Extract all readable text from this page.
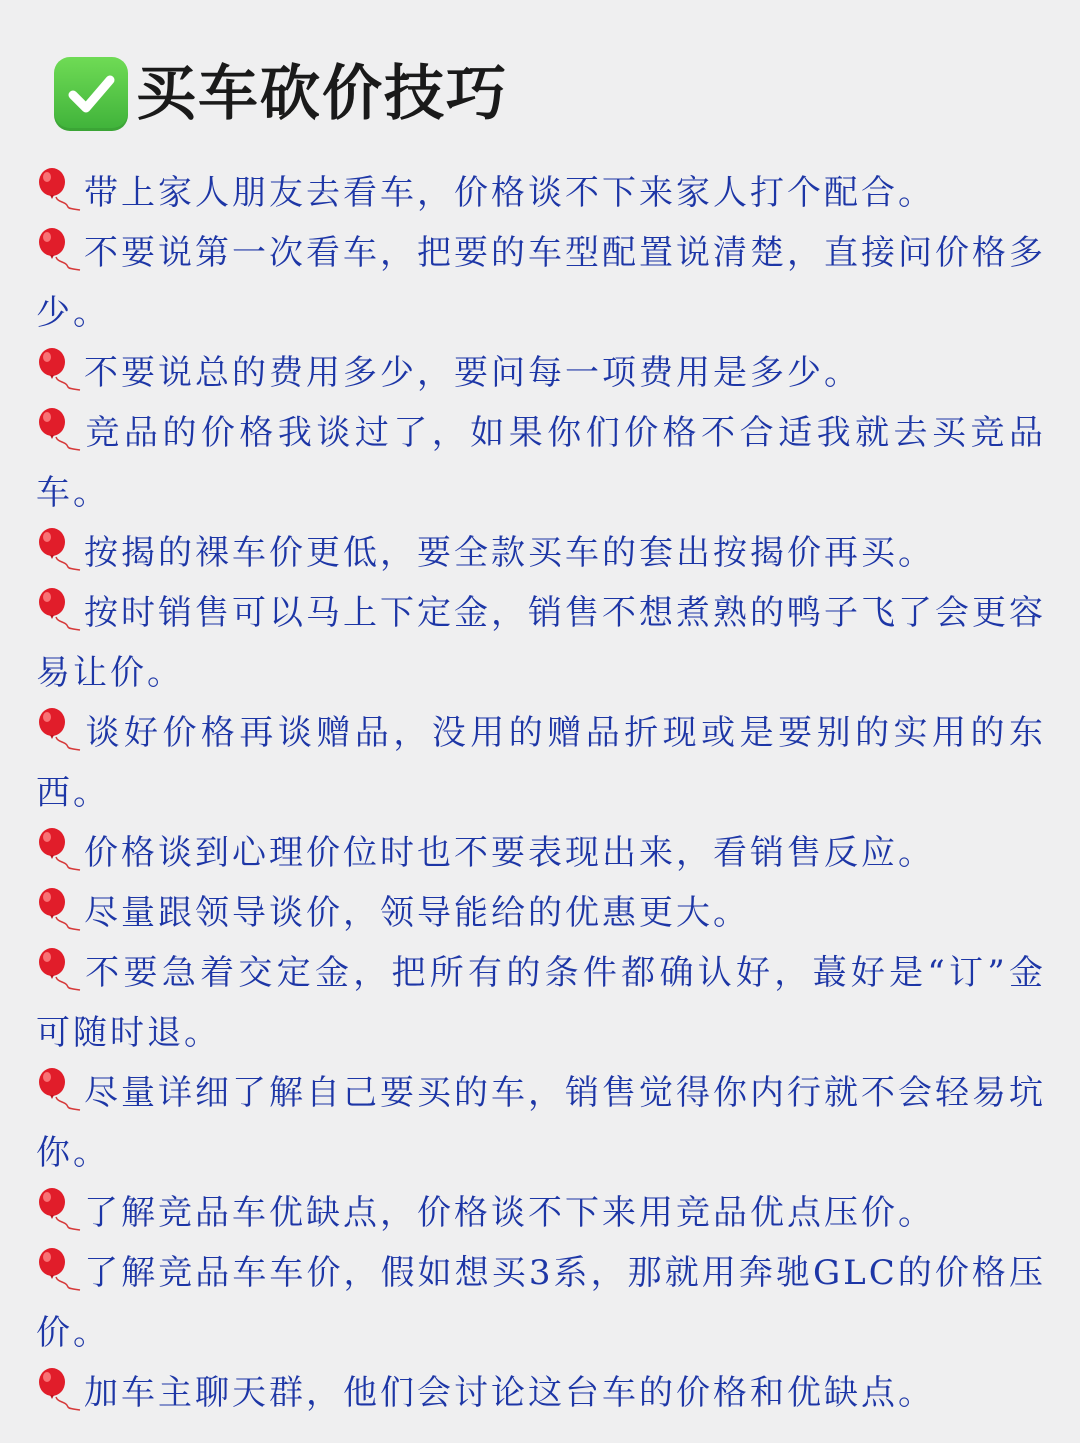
买车砍价技巧
带上家人朋友去看车，价格谈不下来家人打个配合。
不要说第一次看车，把要的车型配置说清楚，直接问价格多少。
不要说总的费用多少，要问每一项费用是多少。
竞品的价格我谈过了，如果你们价格不合适我就去买竞品车。
按揭的裸车价更低，要全款买车的套出按揭价再买。
按时销售可以马上下定金，销售不想煮熟的鸭子飞了会更容易让价。
谈好价格再谈赠品，没用的赠品折现或是要别的实用的东西。
价格谈到心理价位时也不要表现出来，看销售反应。
尽量跟领导谈价，领导能给的优惠更大。
不要急着交定金，把所有的条件都确认好，蕞好是“订”金可随时退。
尽量详细了解自己要买的车，销售觉得你内行就不会轻易坑你。
了解竞品车优缺点，价格谈不下来用竞品优点压价。
了解竞品车车价，假如想买3系，那就用奔驰GLC的价格压价。
加车主聊天群，他们会讨论这台车的价格和优缺点。
